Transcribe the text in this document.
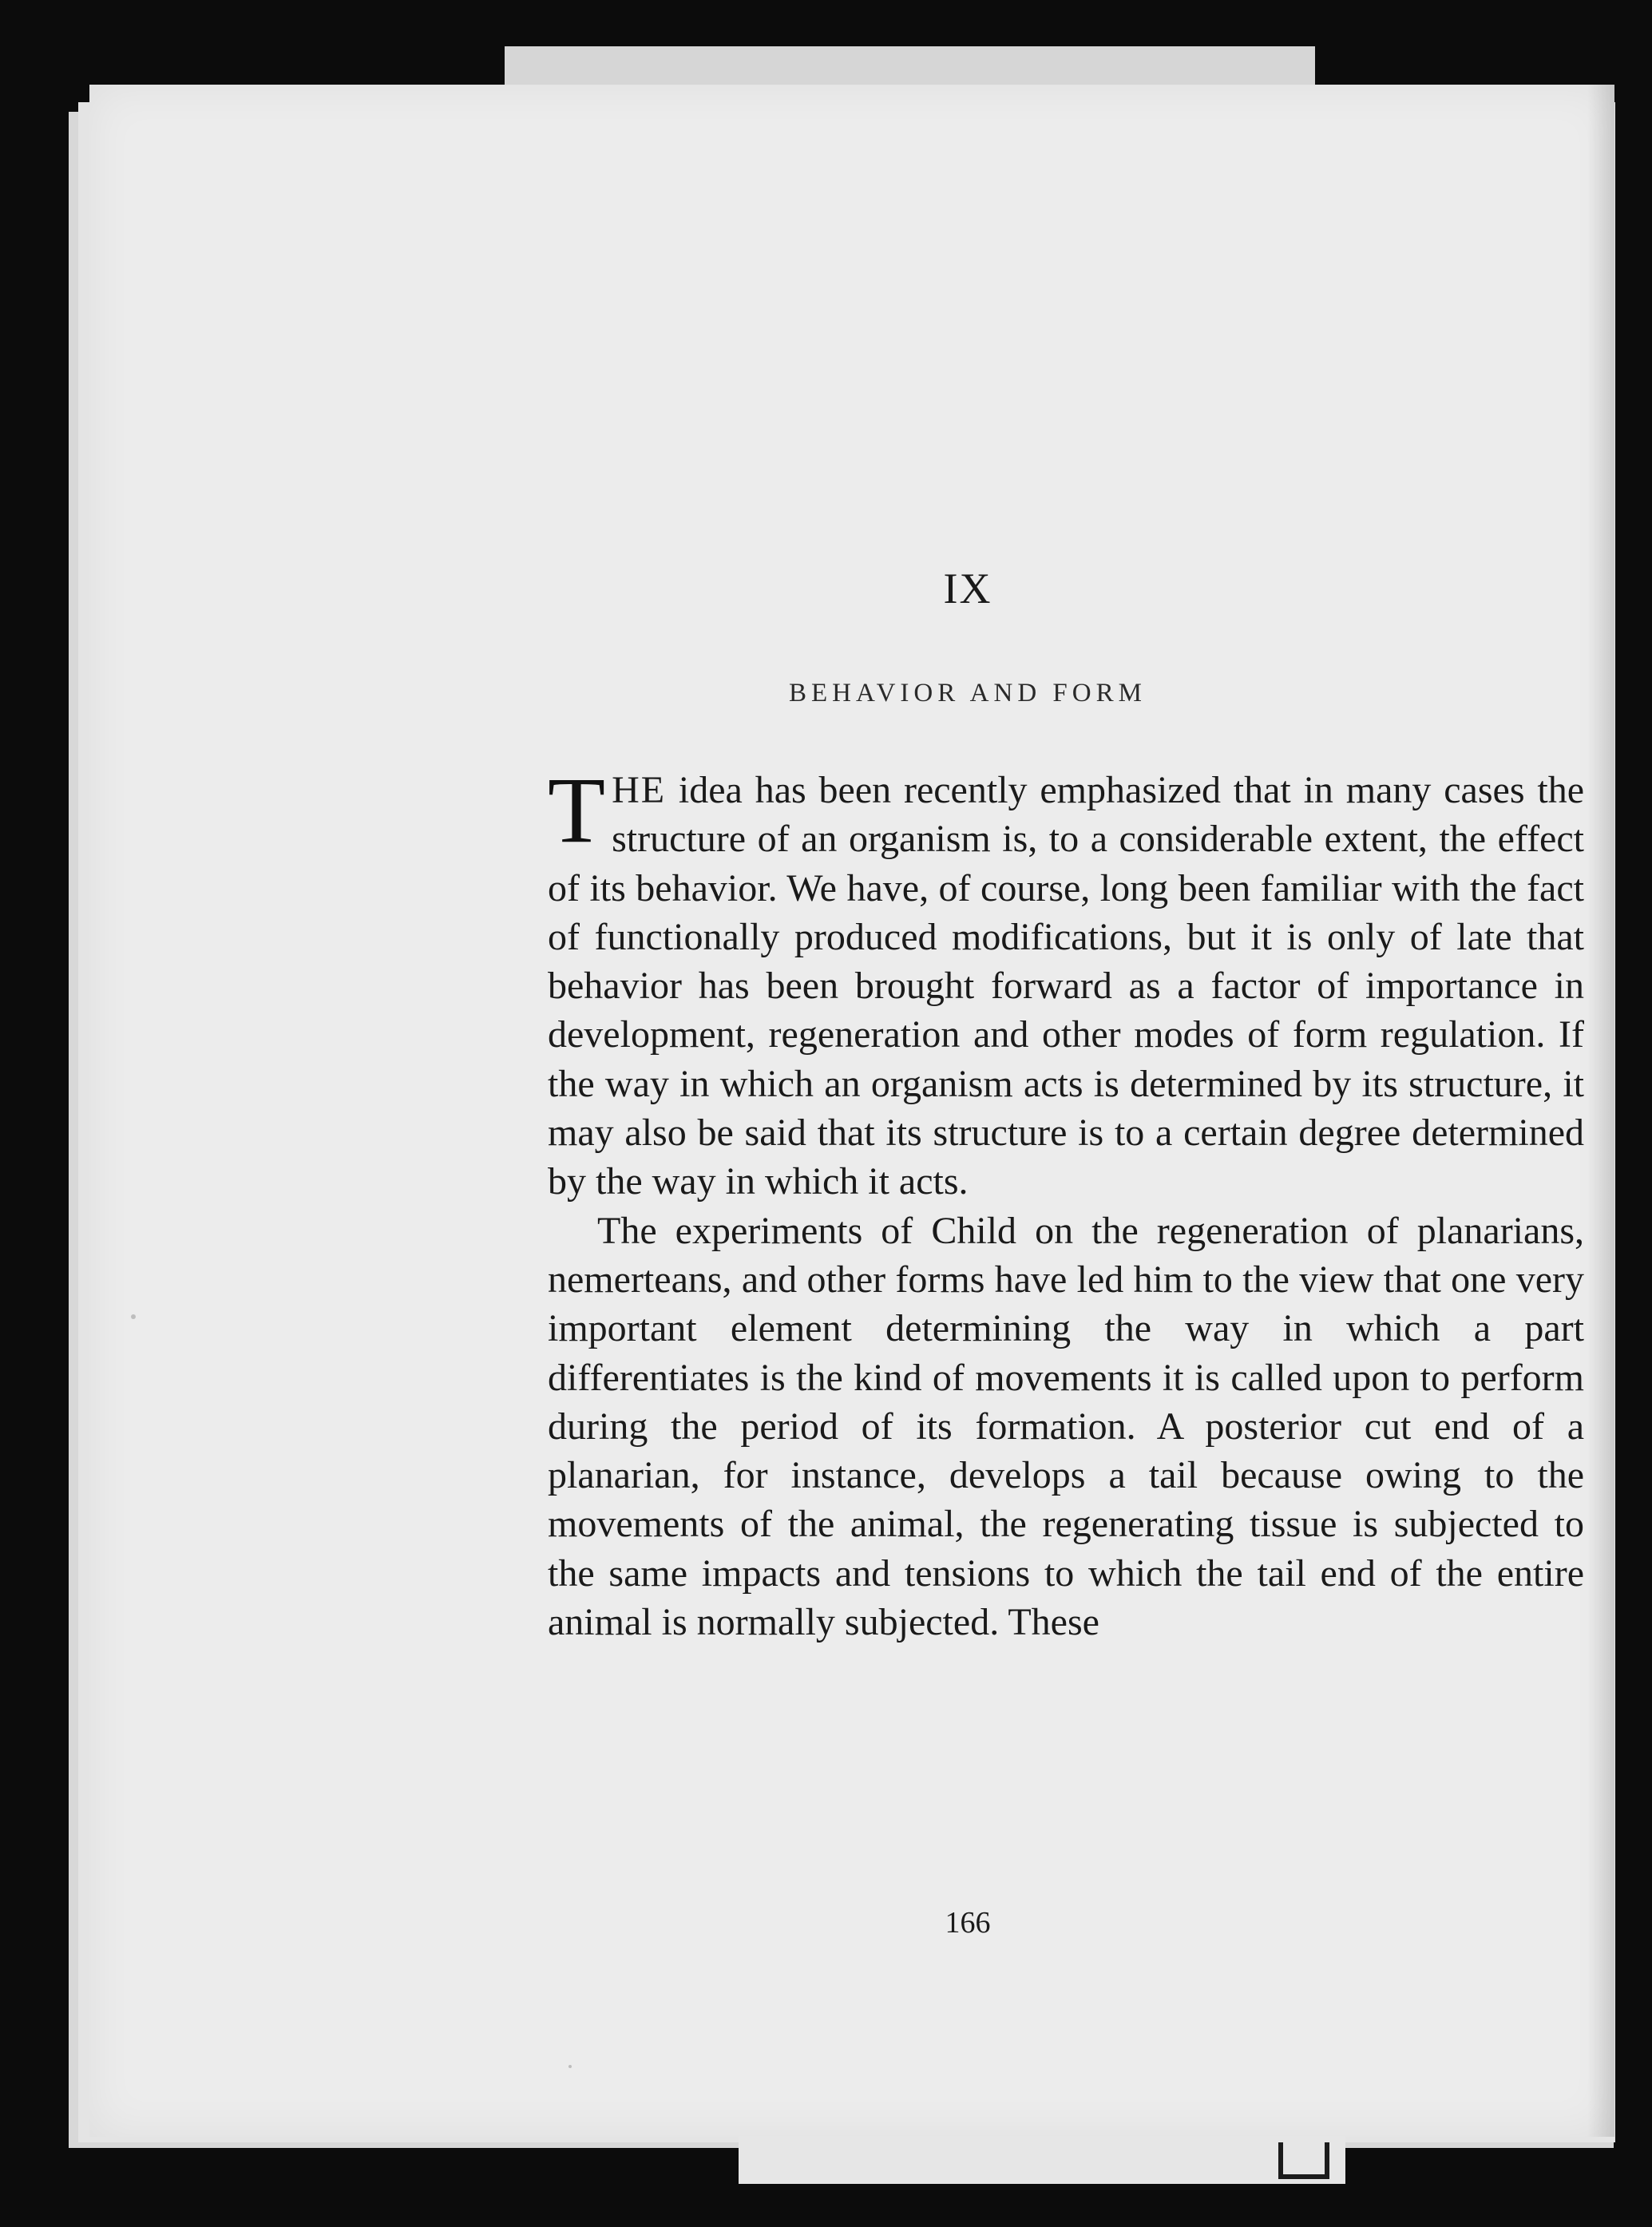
IX
BEHAVIOR AND FORM

THE idea has been recently emphasized that in many cases the structure of an organism is, to a considerable extent, the effect of its behavior. We have, of course, long been familiar with the fact of functionally produced modifications, but it is only of late that behavior has been brought forward as a factor of importance in development, regeneration and other modes of form regulation. If the way in which an organism acts is determined by its structure, it may also be said that its structure is to a certain degree determined by the way in which it acts.

The experiments of Child on the regeneration of planarians, nemerteans, and other forms have led him to the view that one very important element determining the way in which a part differentiates is the kind of movements it is called upon to perform during the period of its formation. A posterior cut end of a planarian, for instance, develops a tail because owing to the movements of the animal, the regenerating tissue is subjected to the same impacts and tensions to which the tail end of the entire animal is normally subjected. These

166
